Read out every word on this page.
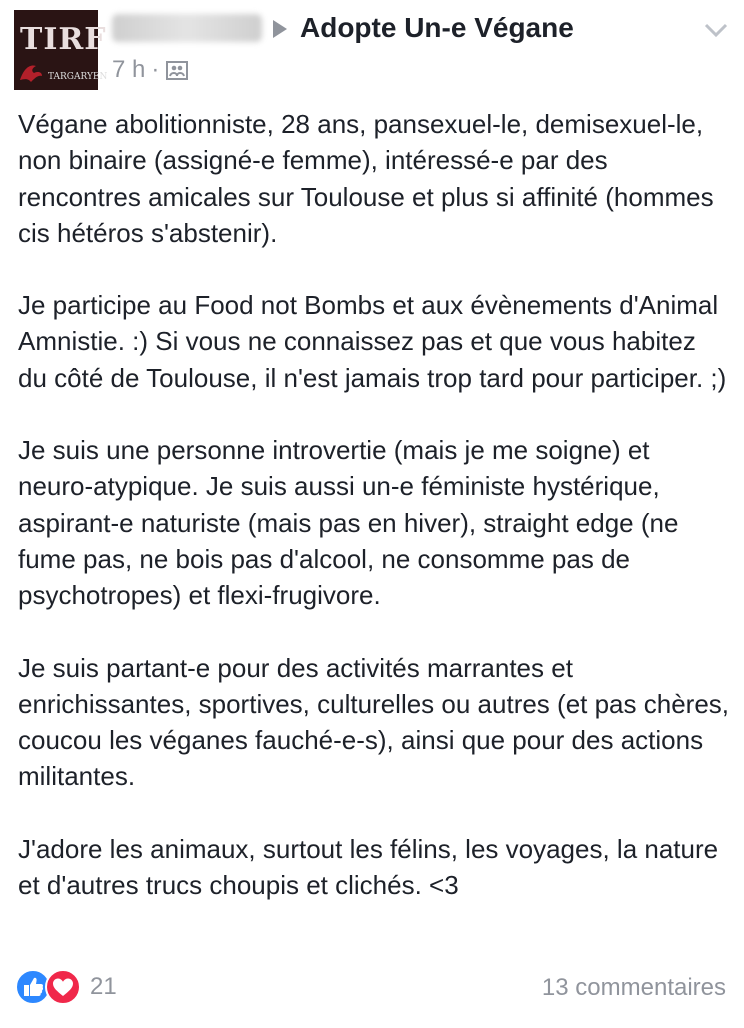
TIRF
TARGARYEN
Adopte Un-e Végane
7 h ·

Végane abolitionniste, 28 ans, pansexuel-le, demisexuel-le, non binaire (assigné-e femme), intéressé-e par des rencontres amicales sur Toulouse et plus si affinité (hommes cis hétéros s'abstenir).

Je participe au Food not Bombs et aux évènements d'Animal Amnistie. :) Si vous ne connaissez pas et que vous habitez du côté de Toulouse, il n'est jamais trop tard pour participer. ;)

Je suis une personne introvertie (mais je me soigne) et neuro-atypique. Je suis aussi un-e féministe hystérique, aspirant-e naturiste (mais pas en hiver), straight edge (ne fume pas, ne bois pas d'alcool, ne consomme pas de psychotropes) et flexi-frugivore.

Je suis partant-e pour des activités marrantes et enrichissantes, sportives, culturelles ou autres (et pas chères, coucou les véganes fauché-e-s), ainsi que pour des actions militantes.

J'adore les animaux, surtout les félins, les voyages, la nature et d'autres trucs choupis et clichés. <3

21	13 commentaires
